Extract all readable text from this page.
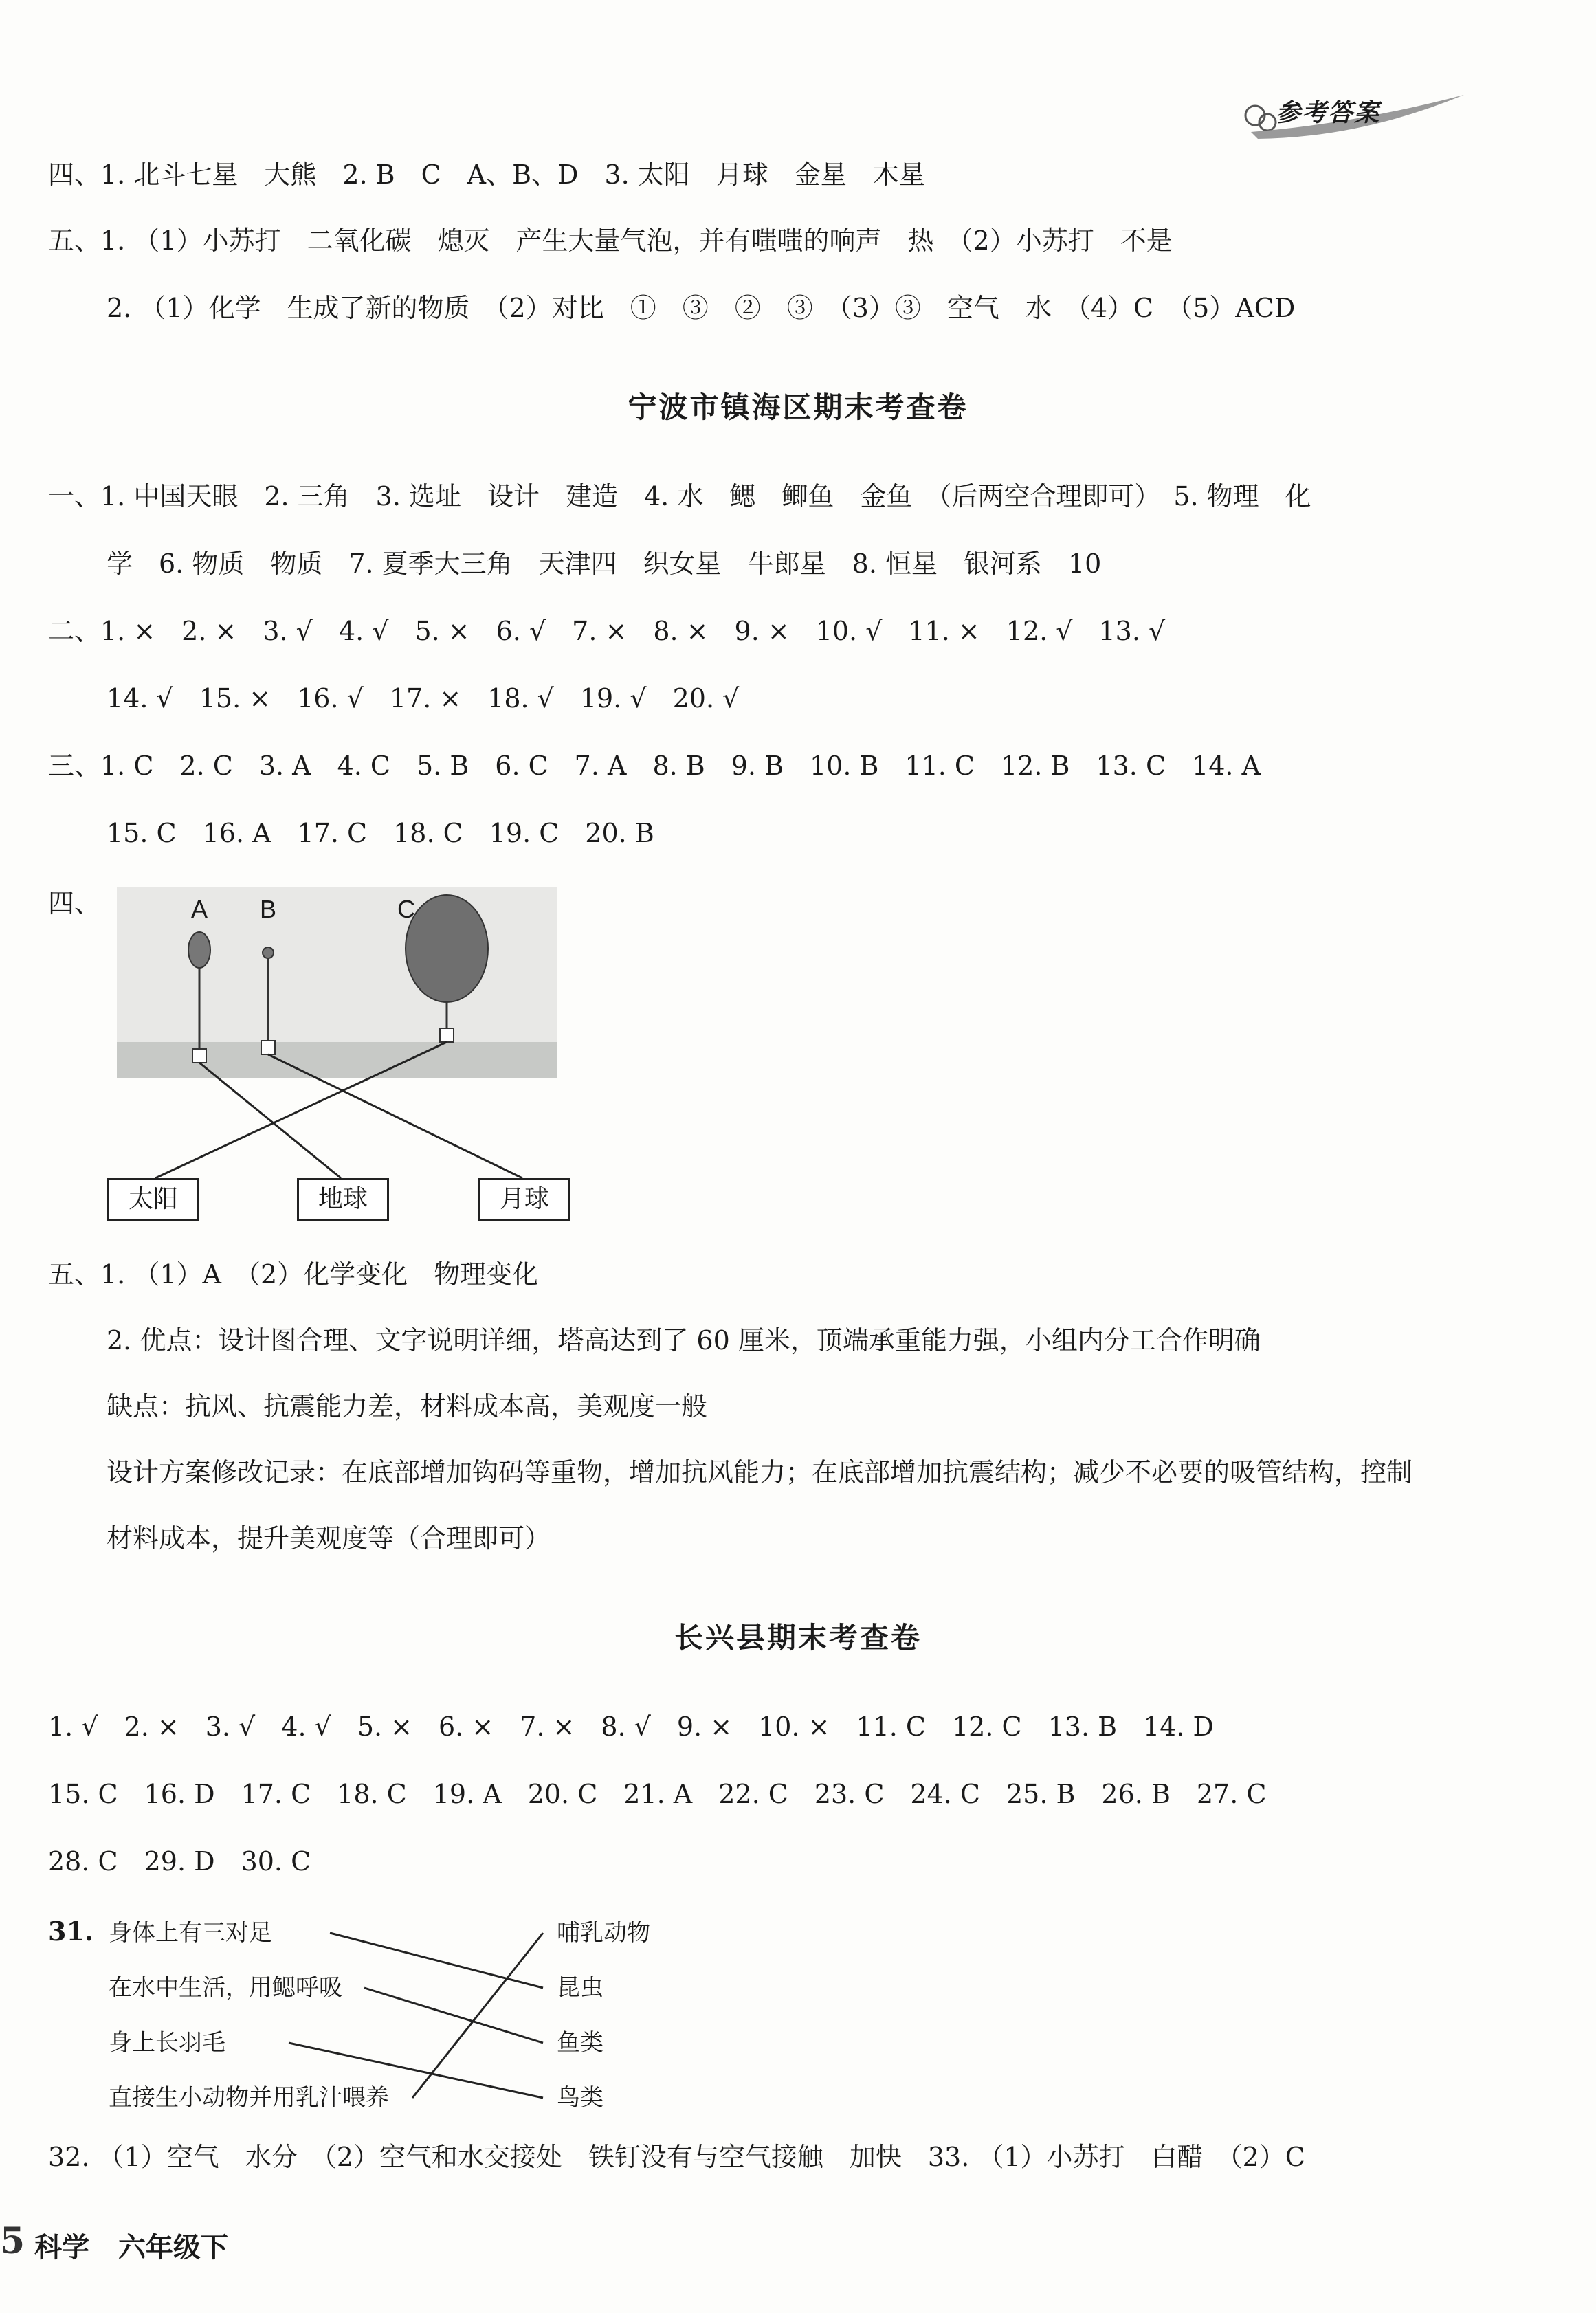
参考答案
四、1. 北斗七星　大熊　2. B　C　A、B、D　3. 太阳　月球　金星　木星
五、1. （1）小苏打　二氧化碳　熄灭　产生大量气泡，并有嗤嗤的响声　热　（2）小苏打　不是
2. （1）化学　生成了新的物质　（2）对比　①　③　②　③　（3）③　空气　水　（4）C　（5）ACD
宁波市镇海区期末考查卷
一、1. 中国天眼　2. 三角　3. 选址　设计　建造　4. 水　鳃　鲫鱼　金鱼　（后两空合理即可）　5. 物理　化
学　6. 物质　物质　7. 夏季大三角　天津四　织女星　牛郎星　8. 恒星　银河系　10
二、1. ×　2. ×　3. √　4. √　5. ×　6. √　7. ×　8. ×　9. ×　10. √　11. ×　12. √　13. √
14. √　15. ×　16. √　17. ×　18. √　19. √　20. √
三、1. C　2. C　3. A　4. C　5. B　6. C　7. A　8. B　9. B　10. B　11. C　12. B　13. C　14. A
15. C　16. A　17. C　18. C　19. C　20. B
四、	A B	C
太阳	地球	月球
五、1. （1）A　（2）化学变化　物理变化
2. 优点：设计图合理、文字说明详细，塔高达到了 60 厘米，顶端承重能力强，小组内分工合作明确
缺点：抗风、抗震能力差，材料成本高，美观度一般
设计方案修改记录：在底部增加钩码等重物，增加抗风能力；在底部增加抗震结构；减少不必要的吸管结构，控制
材料成本，提升美观度等（合理即可）
长兴县期末考查卷
1. √　2. ×　3. √　4. √　5. ×　6. ×　7. ×　8. √　9. ×　10. ×　11. C　12. C　13. B　14. D
15. C　16. D　17. C　18. C　19. A　20. C　21. A　22. C　23. C　24. C　25. B　26. B　27. C
28. C　29. D　30. C
31. 身体上有三对足
在水中生活，用鳃呼吸
身上长羽毛
直接生小动物并用乳汁喂养
哺乳动物
昆虫
鱼类
鸟类
32. （1）空气　水分　（2）空气和水交接处　铁钉没有与空气接触　加快　33. （1）小苏打　白醋　（2）C
5 科学 六年级下
